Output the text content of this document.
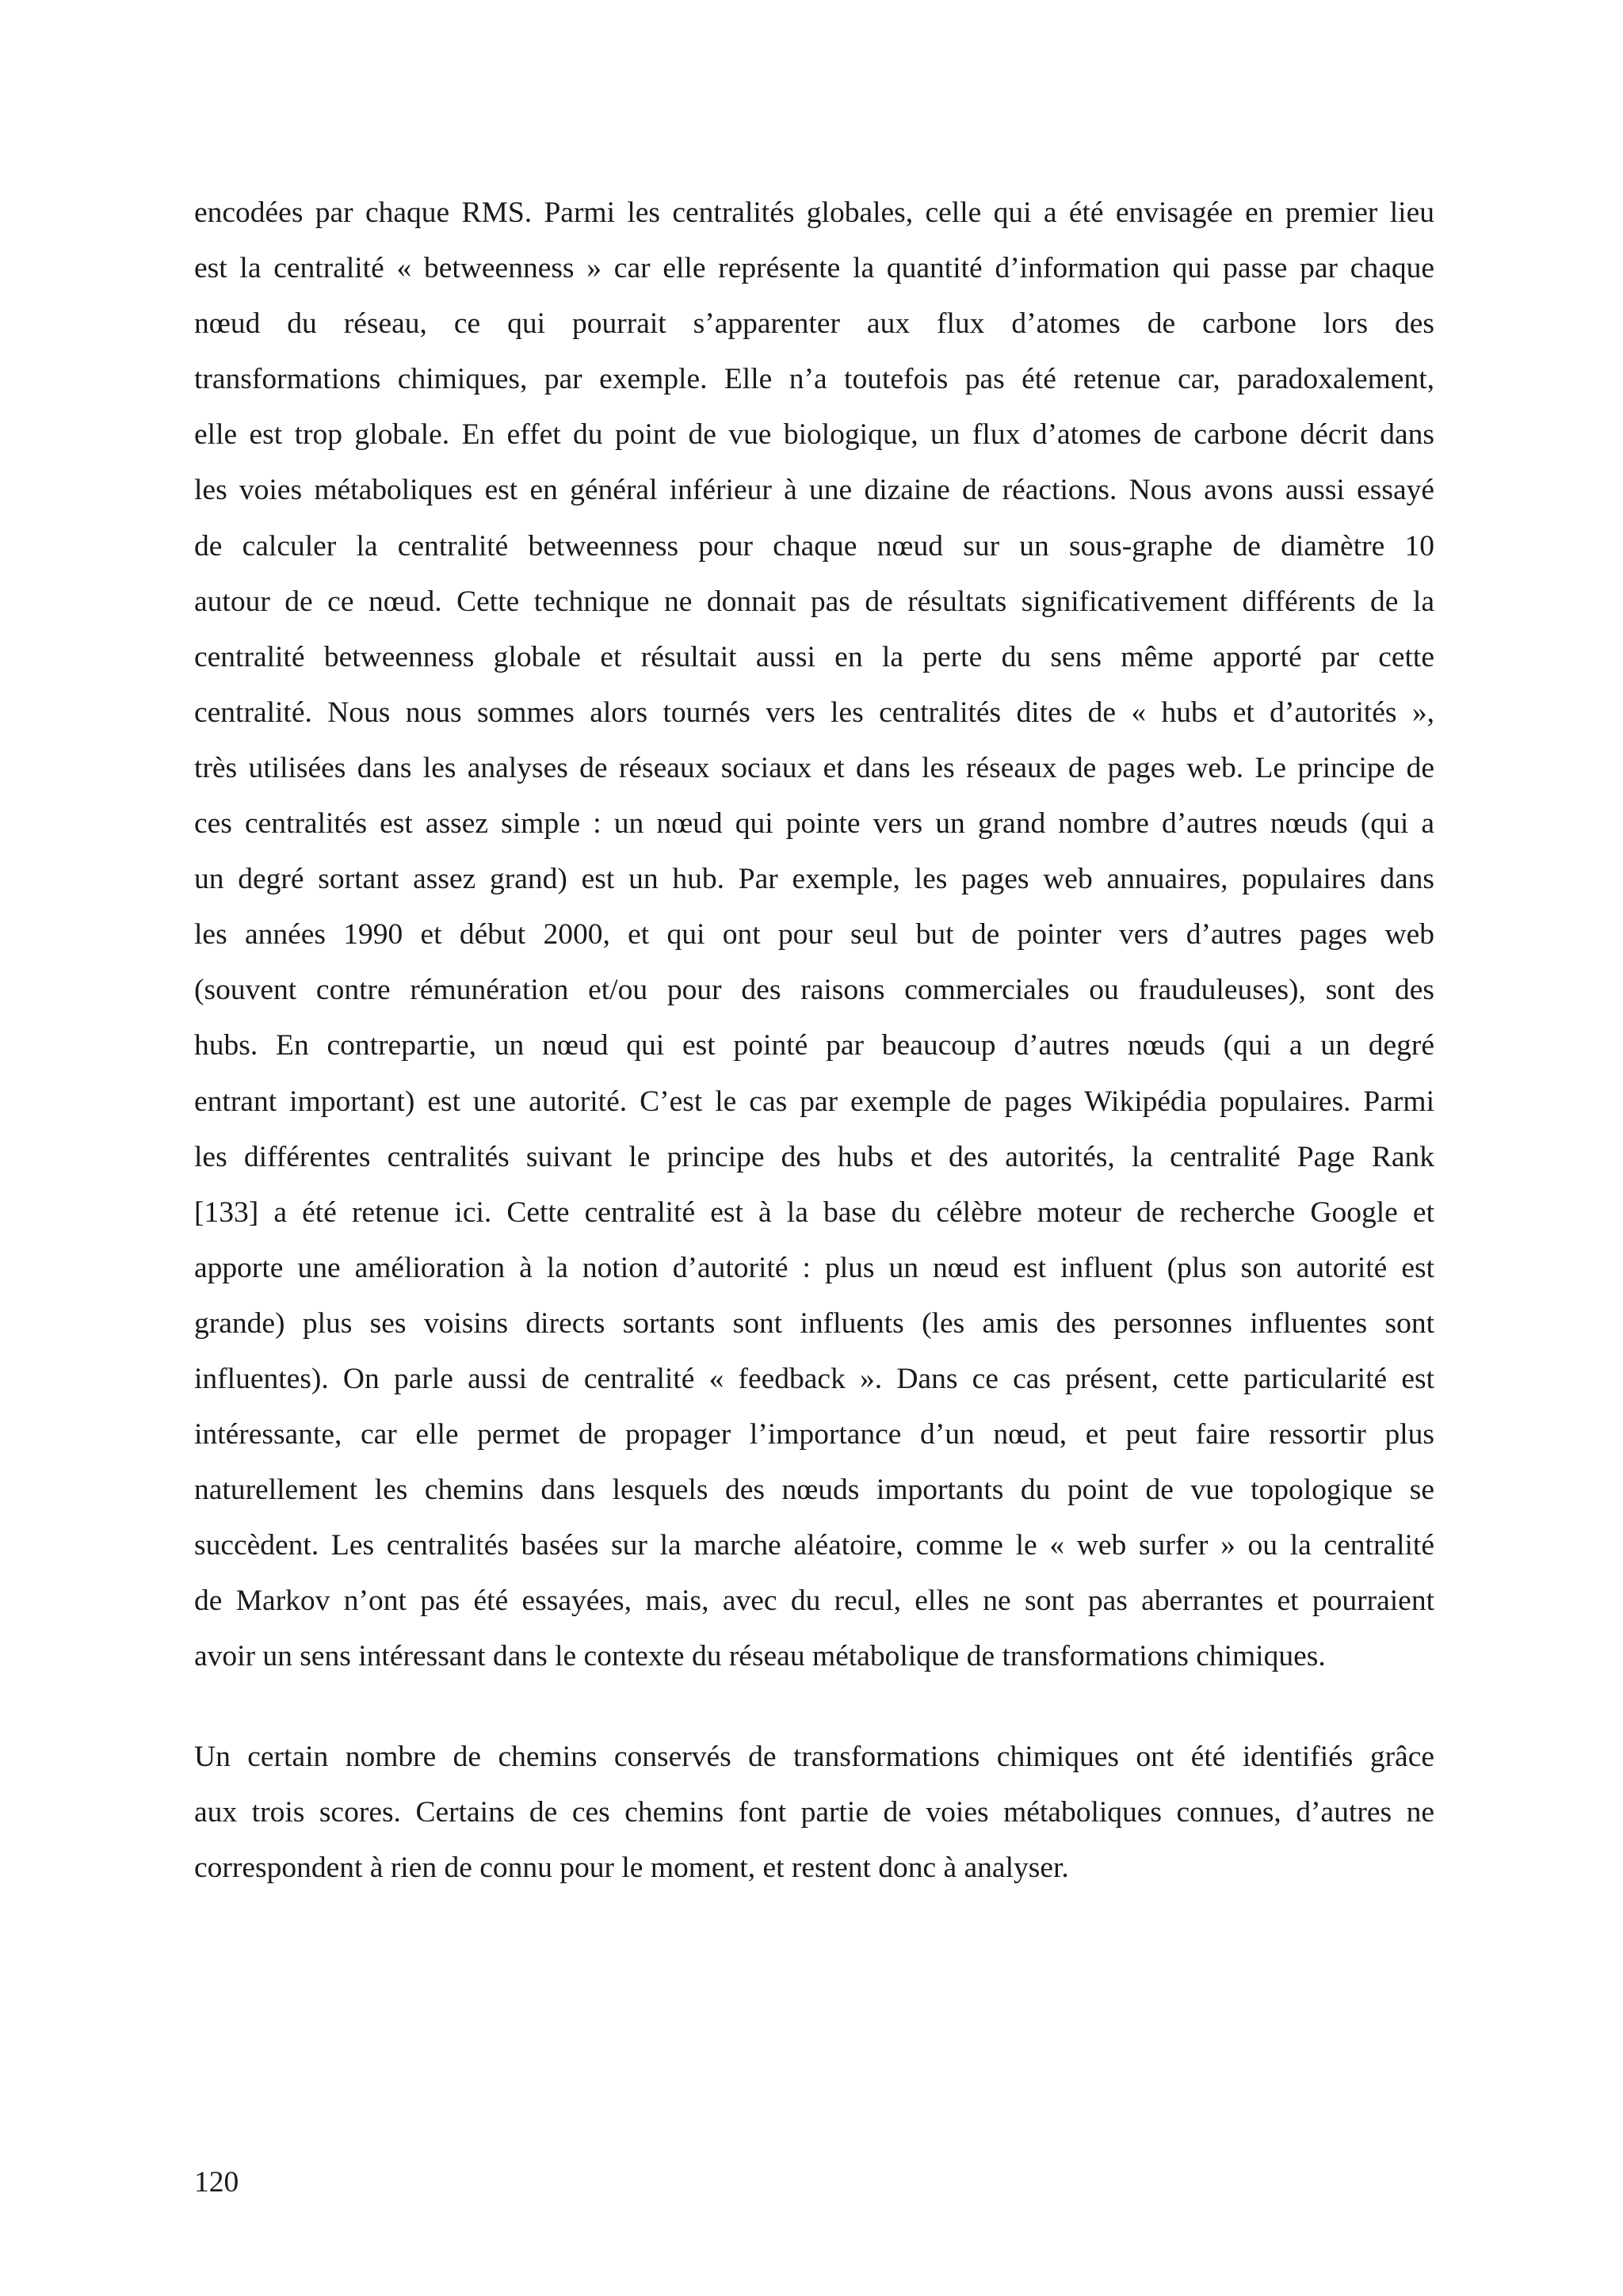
encodées par chaque RMS. Parmi les centralités globales, celle qui a été envisagée en premier lieu
est la centralité « betweenness » car elle représente la quantité d’information qui passe par chaque
nœud du réseau, ce qui pourrait s’apparenter aux flux d’atomes de carbone lors des
transformations chimiques, par exemple. Elle n’a toutefois pas été retenue car, paradoxalement,
elle est trop globale. En effet du point de vue biologique, un flux d’atomes de carbone décrit dans
les voies métaboliques est en général inférieur à une dizaine de réactions. Nous avons aussi essayé
de calculer la centralité betweenness pour chaque nœud sur un sous-graphe de diamètre 10
autour de ce nœud. Cette technique ne donnait pas de résultats significativement différents de la
centralité betweenness globale et résultait aussi en la perte du sens même apporté par cette
centralité. Nous nous sommes alors tournés vers les centralités dites de « hubs et d’autorités »,
très utilisées dans les analyses de réseaux sociaux et dans les réseaux de pages web. Le principe de
ces centralités est assez simple : un nœud qui pointe vers un grand nombre d’autres nœuds (qui a
un degré sortant assez grand) est un hub. Par exemple, les pages web annuaires, populaires dans
les années 1990 et début 2000, et qui ont pour seul but de pointer vers d’autres pages web
(souvent contre rémunération et/ou pour des raisons commerciales ou frauduleuses), sont des
hubs. En contrepartie, un nœud qui est pointé par beaucoup d’autres nœuds (qui a un degré
entrant important) est une autorité. C’est le cas par exemple de pages Wikipédia populaires. Parmi
les différentes centralités suivant le principe des hubs et des autorités, la centralité Page Rank
[133] a été retenue ici. Cette centralité est à la base du célèbre moteur de recherche Google et
apporte une amélioration à la notion d’autorité : plus un nœud est influent (plus son autorité est
grande) plus ses voisins directs sortants sont influents (les amis des personnes influentes sont
influentes). On parle aussi de centralité « feedback ». Dans ce cas présent, cette particularité est
intéressante, car elle permet de propager l’importance d’un nœud, et peut faire ressortir plus
naturellement les chemins dans lesquels des nœuds importants du point de vue topologique se
succèdent. Les centralités basées sur la marche aléatoire, comme le « web surfer » ou la centralité
de Markov n’ont pas été essayées, mais, avec du recul, elles ne sont pas aberrantes et pourraient
avoir un sens intéressant dans le contexte du réseau métabolique de transformations chimiques.
Un certain nombre de chemins conservés de transformations chimiques ont été identifiés grâce
aux trois scores. Certains de ces chemins font partie de voies métaboliques connues, d’autres ne
correspondent à rien de connu pour le moment, et restent donc à analyser.
120
